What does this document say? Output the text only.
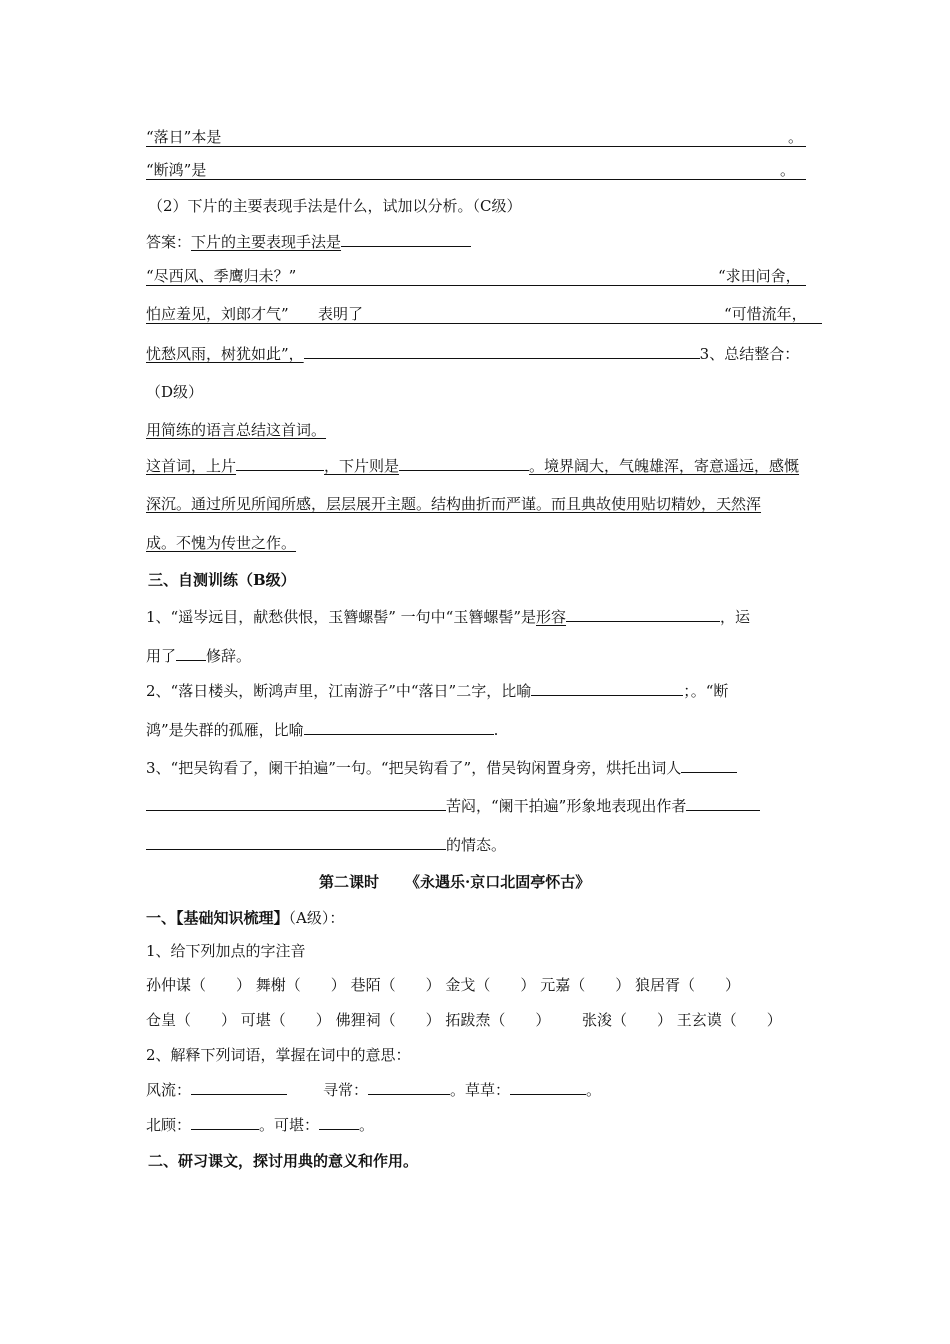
“落日”本是	。
“断鸿”是	。
（2）下片的主要表现手法是什么，试加以分析。（C级）
答案：下片的主要表现手法是
“尽西风、季鹰归未？”	“求田问舍，
怕应羞见，刘郎才气” 表明了	“可惜流年，
忧愁风雨，树犹如此”，	3、总结整合：
（D级）
用简练的语言总结这首词。
这首词，上片	，下片则是	。境界阔大，气魄雄浑，寄意遥远，感慨
深沉。通过所见所闻所感，层层展开主题。结构曲折而严谨。而且典故使用贴切精妙，天然浑
成。不愧为传世之作。
三、自测训练（B级）
1、“遥岑远目，献愁供恨，玉簪螺髻” 一句中“玉簪螺髻”是形容	，运
用了 修辞。
2、“落日楼头，断鸿声里，江南游子”中“落日”二字，比喻	；。“断
鸿”是失群的孤雁，比喻	.
3、“把吴钩看了，阑干拍遍”一句。“把吴钩看了”，借吴钩闲置身旁，烘托出词人
苦闷，“阑干拍遍”形象地表现出作者
的情态。
第二课时 《永遇乐·京口北固亭怀古》
一、【基础知识梳理】（A级）：
1、给下列加点的字注音
孙仲谋（　　） 舞榭（　　） 巷陌（　　） 金戈（　　） 元嘉（　　） 狼居胥（　　）
仓皇（　　） 可堪（　　） 佛狸祠（　　） 拓跋焘（　　） 张浚（　　） 王玄谟（　　）
2、解释下列词语，掌握在词中的意思：
风流：	寻常：	。草草：	。
北顾：	。可堪：	。
二、研习课文，探讨用典的意义和作用。
